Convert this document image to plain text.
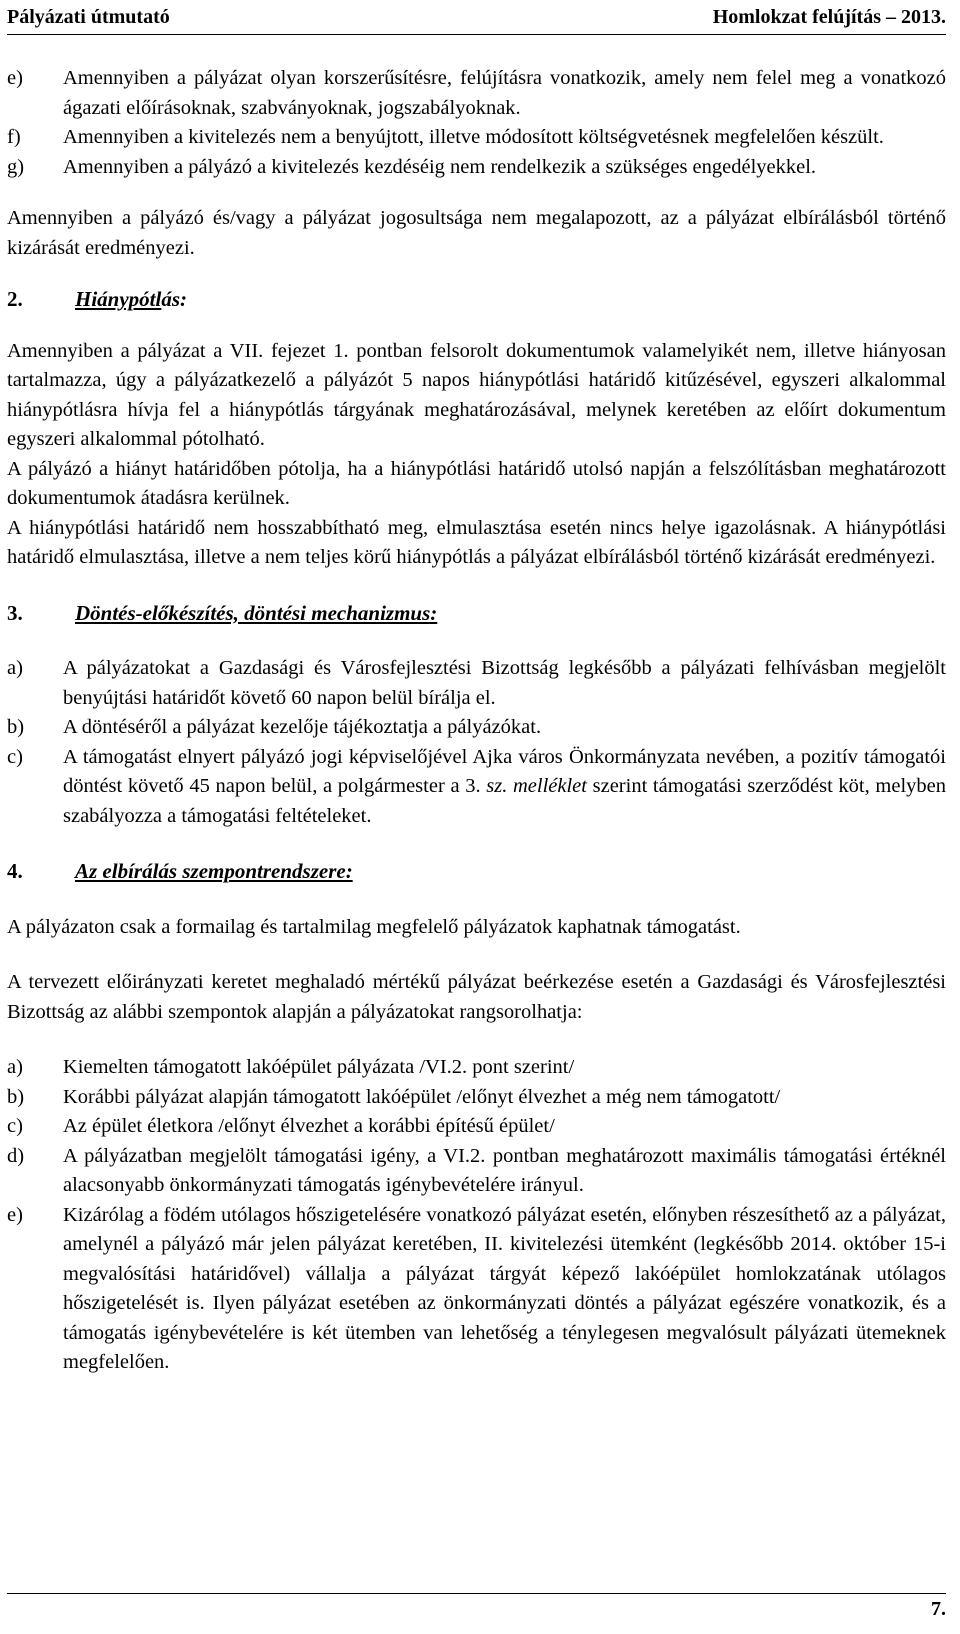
Pályázati útmutató	Homlokzat felújítás – 2013.
e)	Amennyiben a pályázat olyan korszerűsítésre, felújításra vonatkozik, amely nem felel meg a vonatkozó ágazati előírásoknak, szabványoknak, jogszabályoknak.

f)	Amennyiben a kivitelezés nem a benyújtott, illetve módosított költségvetésnek megfelelően készült.

g)	Amennyiben a pályázó a kivitelezés kezdéséig nem rendelkezik a szükséges engedélyekkel.

Amennyiben a pályázó és/vagy a pályázat jogosultsága nem megalapozott, az a pályázat elbírálásból történő kizárását eredményezi.

2.	Hiánypótlás:

Amennyiben a pályázat a VII. fejezet 1. pontban felsorolt dokumentumok valamelyikét nem, illetve hiányosan tartalmazza, úgy a pályázatkezelő a pályázót 5 napos hiánypótlási határidő kitűzésével, egyszeri alkalommal hiánypótlásra hívja fel a hiánypótlás tárgyának meghatározásával, melynek keretében az előírt dokumentum egyszeri alkalommal pótolható.

A pályázó a hiányt határidőben pótolja, ha a hiánypótlási határidő utolsó napján a felszólításban meghatározott dokumentumok átadásra kerülnek.

A hiánypótlási határidő nem hosszabbítható meg, elmulasztása esetén nincs helye igazolásnak. A hiánypótlási határidő elmulasztása, illetve a nem teljes körű hiánypótlás a pályázat elbírálásból történő kizárását eredményezi.

3.	Döntés-előkészítés, döntési mechanizmus:
a)	A pályázatokat a Gazdasági és Városfejlesztési Bizottság legkésőbb a pályázati felhívásban megjelölt benyújtási határidőt követő 60 napon belül bírálja el.

b)	A döntéséről a pályázat kezelője tájékoztatja a pályázókat.

c)	A támogatást elnyert pályázó jogi képviselőjével Ajka város Önkormányzata nevében, a pozitív támogatói döntést követő 45 napon belül, a polgármester a 3. sz. melléklet szerint támogatási szerződést köt, melyben szabályozza a támogatási feltételeket.

4.	Az elbírálás szempontrendszere:

A pályázaton csak a formailag és tartalmilag megfelelő pályázatok kaphatnak támogatást.

A tervezett előirányzati keretet meghaladó mértékű pályázat beérkezése esetén a Gazdasági és Városfejlesztési Bizottság az alábbi szempontok alapján a pályázatokat rangsorolhatja:

a)	Kiemelten támogatott lakóépület pályázata /VI.2. pont szerint/

b)	Korábbi pályázat alapján támogatott lakóépület /előnyt élvezhet a még nem támogatott/

c)	Az épület életkora /előnyt élvezhet a korábbi építésű épület/

d)	A pályázatban megjelölt támogatási igény, a VI.2. pontban meghatározott maximális támogatási értéknél alacsonyabb önkormányzati támogatás igénybevételére irányul.

e)	Kizárólag a födém utólagos hőszigetelésére vonatkozó pályázat esetén, előnyben részesíthető az a pályázat, amelynél a pályázó már jelen pályázat keretében, II. kivitelezési ütemként (legkésőbb 2014. október 15-i megvalósítási határidővel) vállalja a pályázat tárgyát képező lakóépület homlokzatának utólagos hőszigetelését is. Ilyen pályázat esetében az önkormányzati döntés a pályázat egészére vonatkozik, és a támogatás igénybevételére is két ütemben van lehetőség a ténylegesen megvalósult pályázati ütemeknek megfelelően.

7.
